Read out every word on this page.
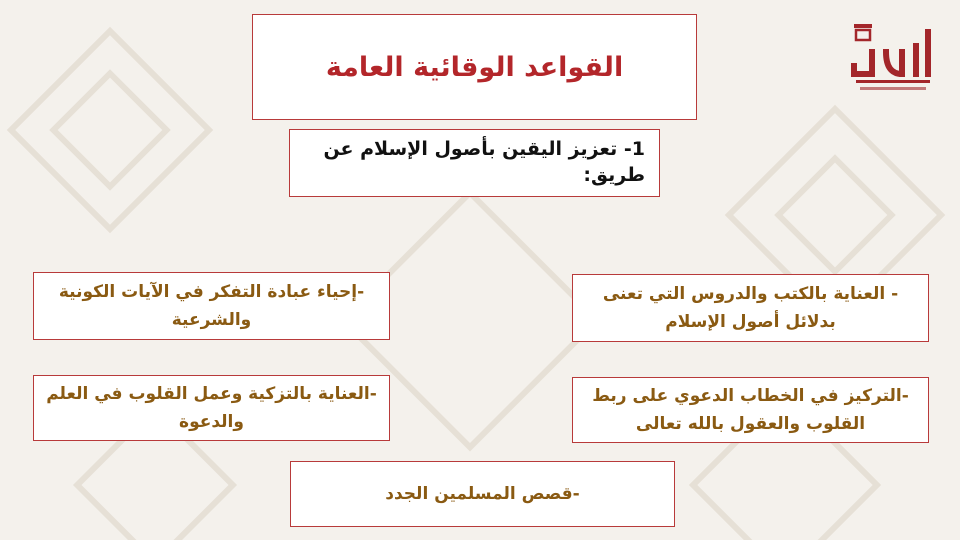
القواعد الوقائية العامة
1- تعزيز اليقين بأصول الإسلام عن طريق:
- العناية بالكتب والدروس التي تعنى بدلائل أصول الإسلام
-إحياء عبادة التفكر في الآيات الكونية والشرعية
-التركيز في الخطاب الدعوي على ربط القلوب والعقول بالله تعالى
-العناية بالتزكية وعمل القلوب في العلم والدعوة
-قصص المسلمين الجدد
